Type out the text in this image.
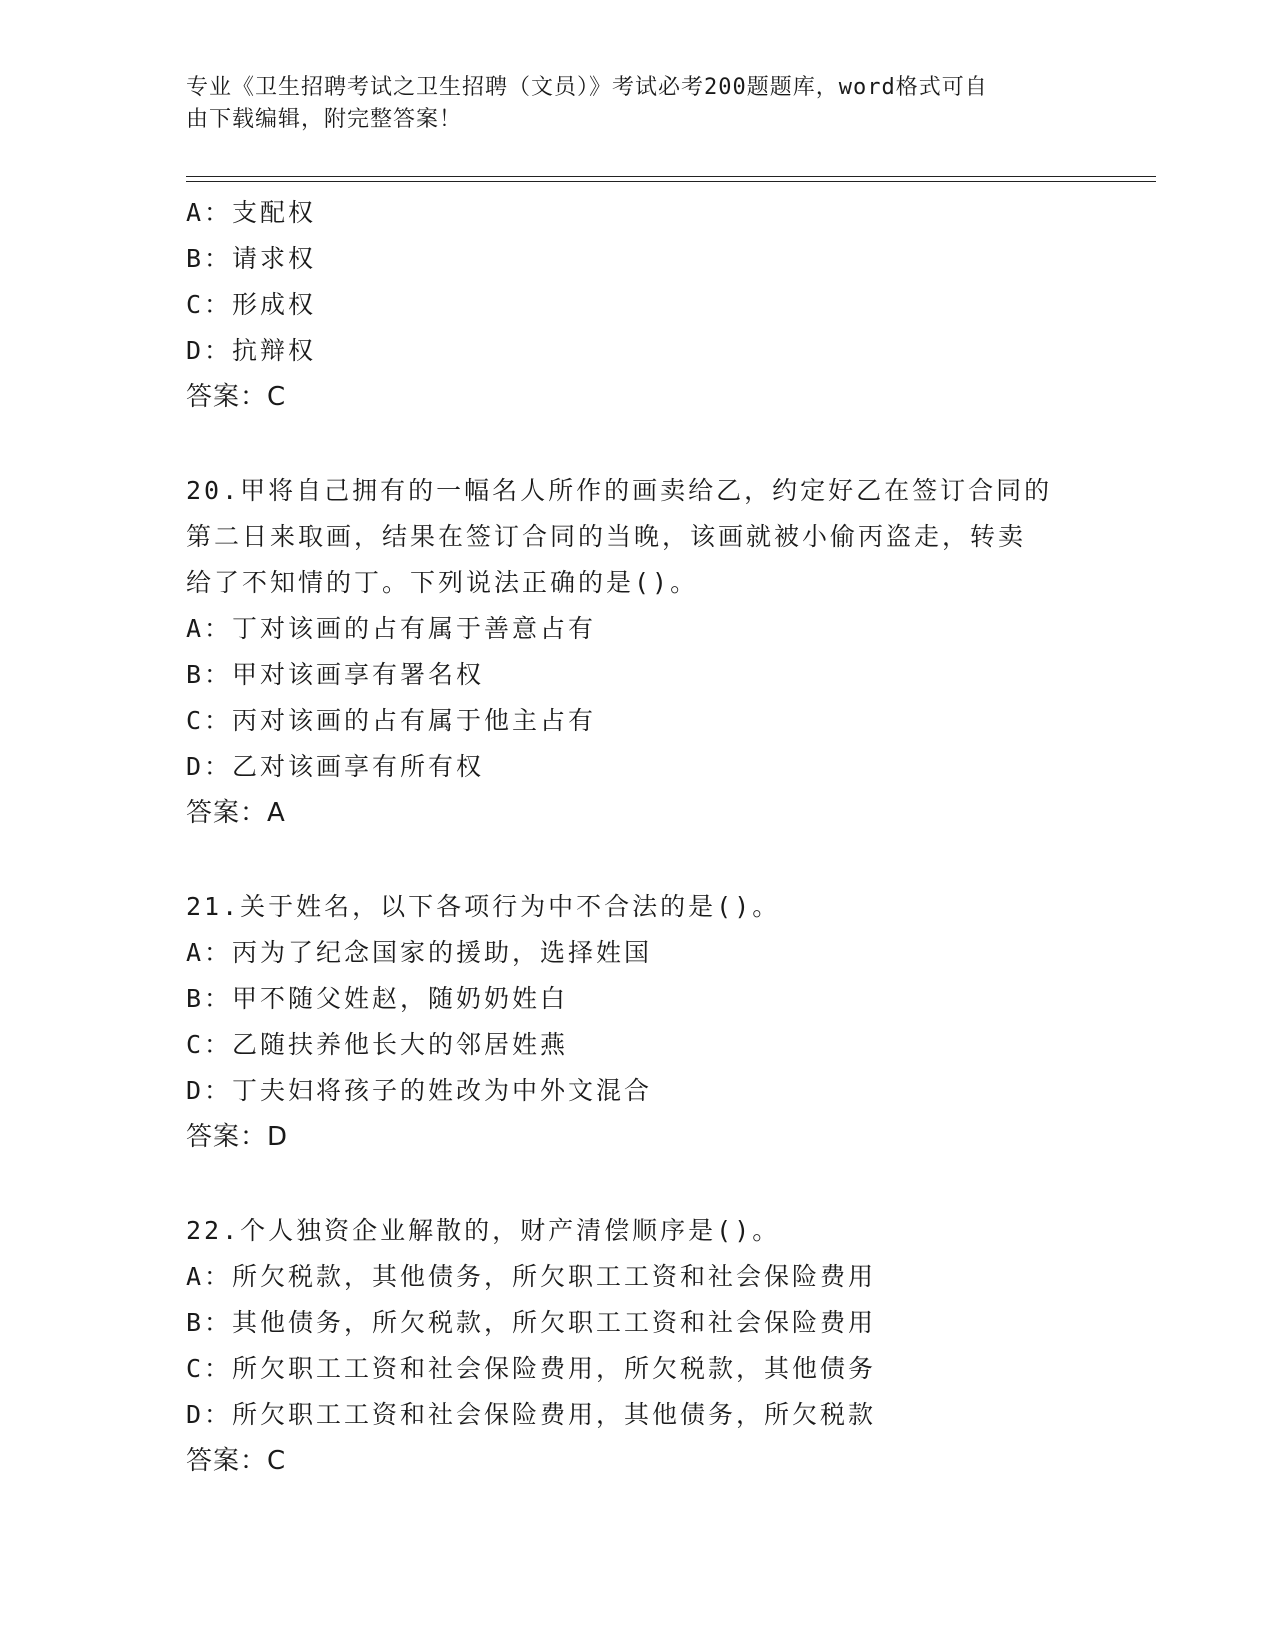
专业《卫生招聘考试之卫生招聘（文员）》考试必考200题题库，word格式可自
由下载编辑，附完整答案！
A：支配权
B：请求权
C：形成权
D：抗辩权
答案：C
20.甲将自己拥有的一幅名人所作的画卖给乙，约定好乙在签订合同的
第二日来取画，结果在签订合同的当晚，该画就被小偷丙盗走，转卖
给了不知情的丁。下列说法正确的是()。
A：丁对该画的占有属于善意占有
B：甲对该画享有署名权
C：丙对该画的占有属于他主占有
D：乙对该画享有所有权
答案：A
21.关于姓名，以下各项行为中不合法的是()。
A：丙为了纪念国家的援助，选择姓国
B：甲不随父姓赵，随奶奶姓白
C：乙随扶养他长大的邻居姓燕
D：丁夫妇将孩子的姓改为中外文混合
答案：D
22.个人独资企业解散的，财产清偿顺序是()。
A：所欠税款，其他债务，所欠职工工资和社会保险费用
B：其他债务，所欠税款，所欠职工工资和社会保险费用
C：所欠职工工资和社会保险费用，所欠税款，其他债务
D：所欠职工工资和社会保险费用，其他债务，所欠税款
答案：C
